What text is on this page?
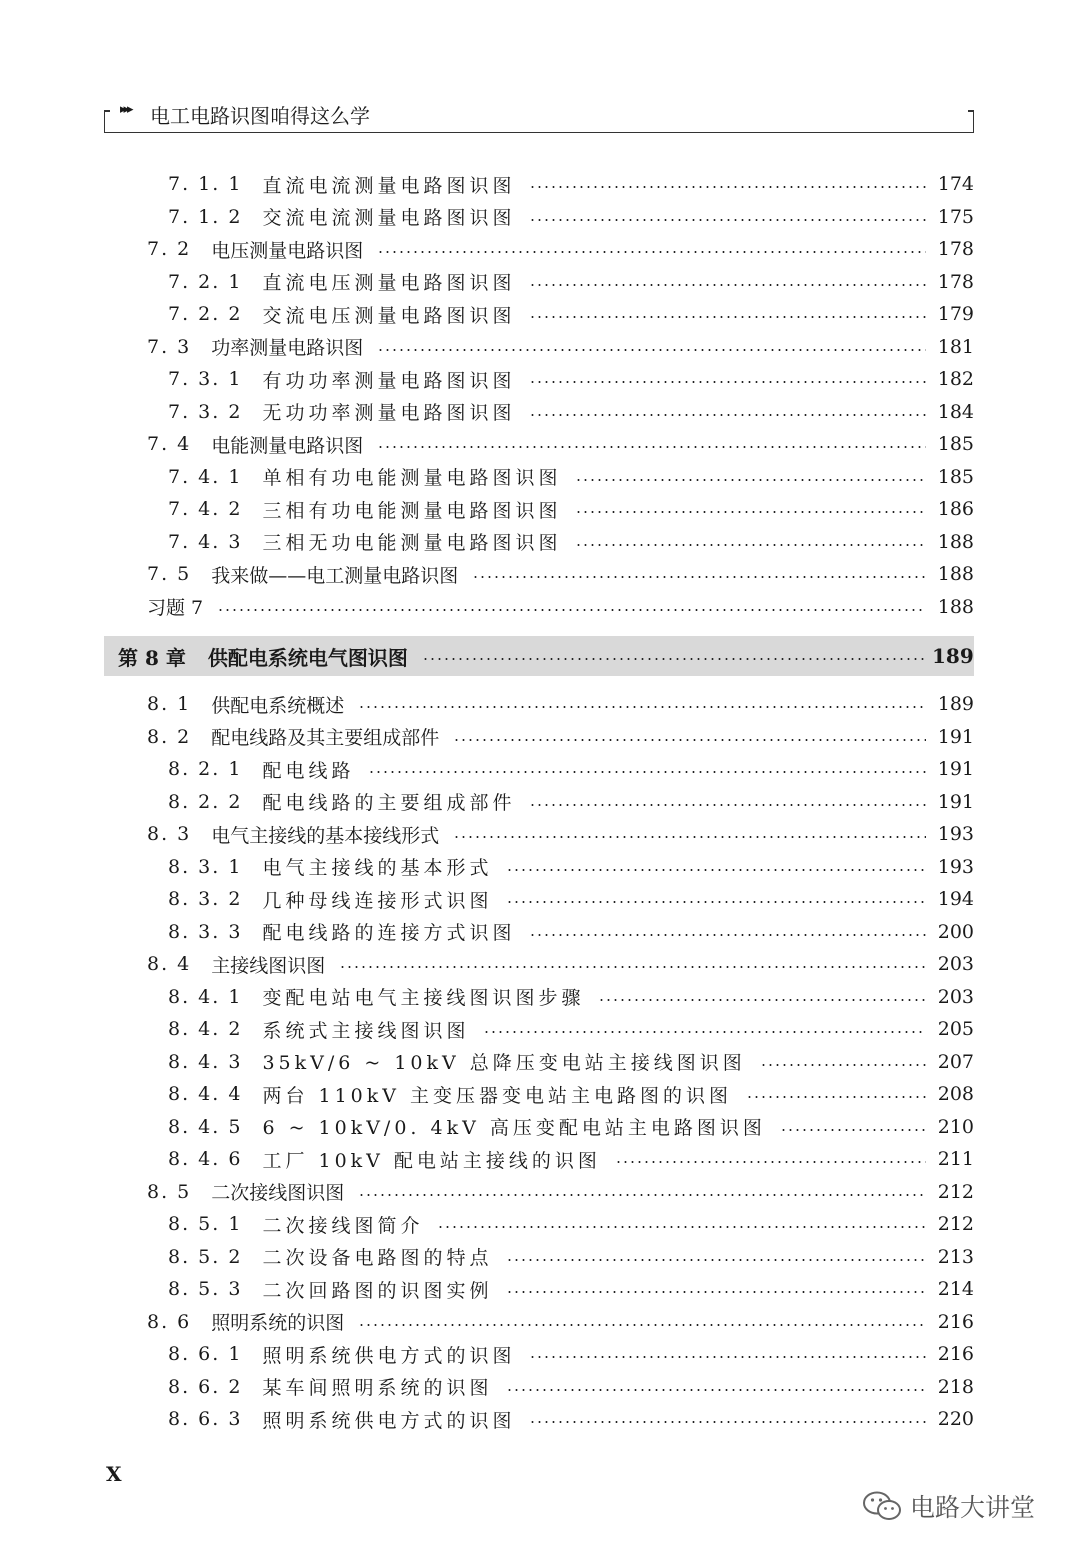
▸▸▸ 电工电路识图咱得这么学
7. 1. 1 直流电流测量电路图识图	174
7. 1. 2 交流电流测量电路图识图	175
7. 2 电压测量电路识图	178
7. 2. 1 直流电压测量电路图识图	178
7. 2. 2 交流电压测量电路图识图	179
7. 3 功率测量电路识图	181
7. 3. 1 有功功率测量电路图识图	182
7. 3. 2 无功功率测量电路图识图	184
7. 4 电能测量电路识图	185
7. 4. 1 单相有功电能测量电路图识图	185
7. 4. 2 三相有功电能测量电路图识图	186
7. 4. 3 三相无功电能测量电路图识图	188
7. 5 我来做——电工测量电路识图	188
习题 7	188
第 8 章 供配电系统电气图识图	189
8. 1 供配电系统概述	189
8. 2 配电线路及其主要组成部件	191
8. 2. 1 配电线路	191
8. 2. 2 配电线路的主要组成部件	191
8. 3 电气主接线的基本接线形式	193
8. 3. 1 电气主接线的基本形式	193
8. 3. 2 几种母线连接形式识图	194
8. 3. 3 配电线路的连接方式识图	200
8. 4 主接线图识图	203
8. 4. 1 变配电站电气主接线图识图步骤	203
8. 4. 2 系统式主接线图识图	205
8. 4. 3 35kV/6 ~ 10kV 总降压变电站主接线图识图	207
8. 4. 4 两台 110kV 主变压器变电站主电路图的识图	208
8. 4. 5 6 ~ 10kV/0. 4kV 高压变配电站主电路图识图	210
8. 4. 6 工厂 10kV 配电站主接线的识图	211
8. 5 二次接线图识图	212
8. 5. 1 二次接线图简介	212
8. 5. 2 二次设备电路图的特点	213
8. 5. 3 二次回路图的识图实例	214
8. 6 照明系统的识图	216
8. 6. 1 照明系统供电方式的识图	216
8. 6. 2 某车间照明系统的识图	218
8. 6. 3 照明系统供电方式的识图	220
X
电路大讲堂
